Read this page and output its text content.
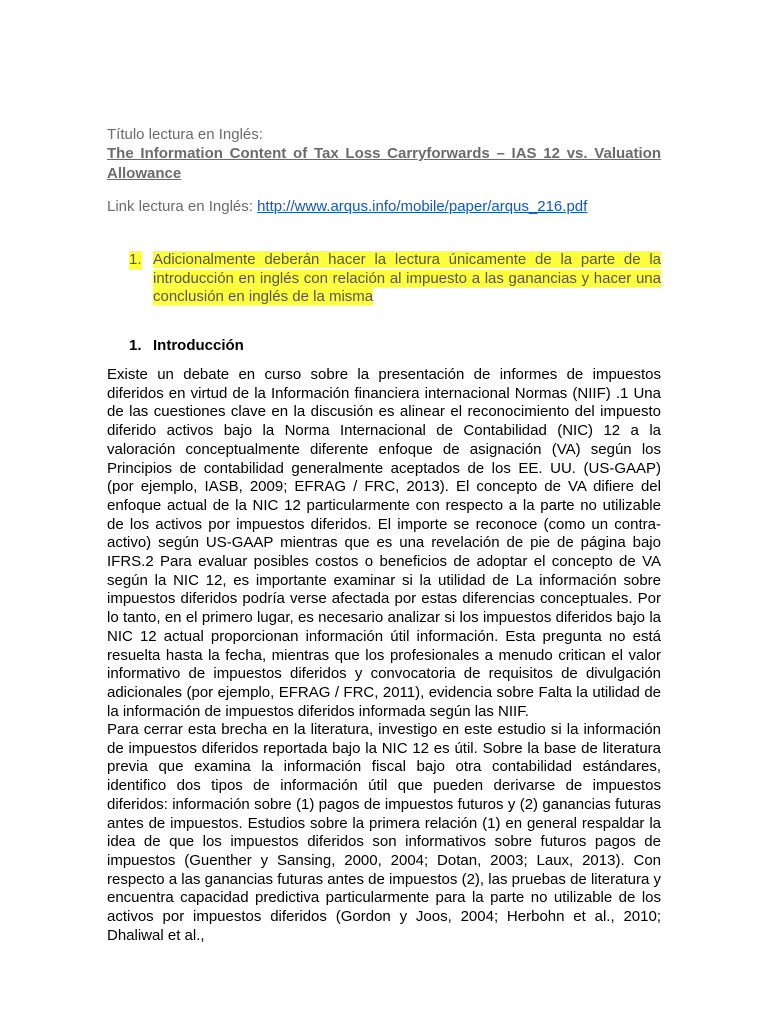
Título lectura en Inglés:
The Information Content of Tax Loss Carryforwards – IAS 12 vs. Valuation Allowance
Link lectura en Inglés: http://www.arqus.info/mobile/paper/arqus_216.pdf
1. Adicionalmente deberán hacer la lectura únicamente de la parte de la introducción en inglés con relación al impuesto a las ganancias y hacer una conclusión en inglés de la misma
1. Introducción

Existe un debate en curso sobre la presentación de informes de impuestos diferidos en virtud de la Información financiera internacional Normas (NIIF) .1 Una de las cuestiones clave en la discusión es alinear el reconocimiento del impuesto diferido activos bajo la Norma Internacional de Contabilidad (NIC) 12 a la valoración conceptualmente diferente enfoque de asignación (VA) según los Principios de contabilidad generalmente aceptados de los EE. UU. (US-GAAP) (por ejemplo, IASB, 2009; EFRAG / FRC, 2013). El concepto de VA difiere del enfoque actual de la NIC 12 particularmente con respecto a la parte no utilizable de los activos por impuestos diferidos. El importe se reconoce (como un contra-activo) según US-GAAP mientras que es una revelación de pie de página bajo IFRS.2 Para evaluar posibles costos o beneficios de adoptar el concepto de VA según la NIC 12, es importante examinar si la utilidad de La información sobre impuestos diferidos podría verse afectada por estas diferencias conceptuales. Por lo tanto, en el primero lugar, es necesario analizar si los impuestos diferidos bajo la NIC 12 actual proporcionan información útil información. Esta pregunta no está resuelta hasta la fecha, mientras que los profesionales a menudo critican el valor informativo de impuestos diferidos y convocatoria de requisitos de divulgación adicionales (por ejemplo, EFRAG / FRC, 2011), evidencia sobre Falta la utilidad de la información de impuestos diferidos informada según las NIIF.

Para cerrar esta brecha en la literatura, investigo en este estudio si la información de impuestos diferidos reportada bajo la NIC 12 es útil. Sobre la base de literatura previa que examina la información fiscal bajo otra contabilidad estándares, identifico dos tipos de información útil que pueden derivarse de impuestos diferidos: información sobre (1) pagos de impuestos futuros y (2) ganancias futuras antes de impuestos. Estudios sobre la primera relación (1) en general respaldar la idea de que los impuestos diferidos son informativos sobre futuros pagos de impuestos (Guenther y Sansing, 2000, 2004; Dotan, 2003; Laux, 2013). Con respecto a las ganancias futuras antes de impuestos (2), las pruebas de literatura y encuentra capacidad predictiva particularmente para la parte no utilizable de los activos por impuestos diferidos (Gordon y Joos, 2004; Herbohn et al., 2010; Dhaliwal et al.,
